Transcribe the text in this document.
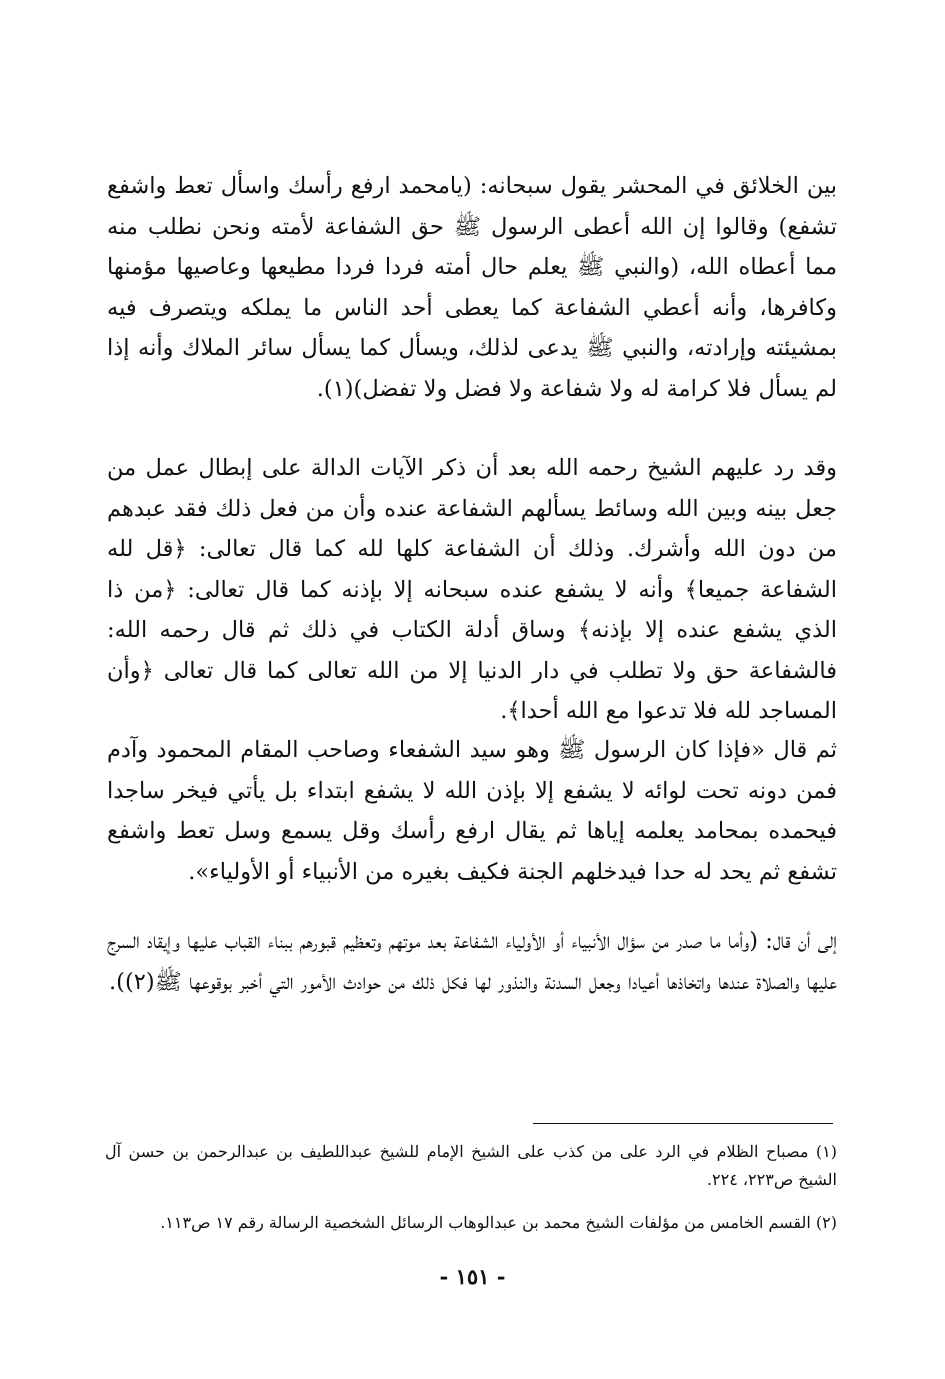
بين الخلائق في المحشر يقول سبحانه: (يامحمد ارفع رأسك واسأل تعط واشفع تشفع) وقالوا إن الله أعطى الرسول ﷺ حق الشفاعة لأمته ونحن نطلب منه مما أعطاه الله، (والنبي ﷺ يعلم حال أمته فردا فردا مطيعها وعاصيها مؤمنها وكافرها، وأنه أعطي الشفاعة كما يعطى أحد الناس ما يملكه ويتصرف فيه بمشيئته وإرادته، والنبي ﷺ يدعى لذلك، ويسأل كما يسأل سائر الملاك وأنه إذا لم يسأل فلا كرامة له ولا شفاعة ولا فضل ولا تفضل)(١).

وقد رد عليهم الشيخ رحمه الله بعد أن ذكر الآيات الدالة على إبطال عمل من جعل بينه وبين الله وسائط يسألهم الشفاعة عنده وأن من فعل ذلك فقد عبدهم من دون الله وأشرك. وذلك أن الشفاعة كلها لله كما قال تعالى: ﴿قل لله الشفاعة جميعا﴾ وأنه لا يشفع عنده سبحانه إلا بإذنه كما قال تعالى: ﴿من ذا الذي يشفع عنده إلا بإذنه﴾ وساق أدلة الكتاب في ذلك ثم قال رحمه الله: فالشفاعة حق ولا تطلب في دار الدنيا إلا من الله تعالى كما قال تعالى ﴿وأن المساجد لله فلا تدعوا مع الله أحدا﴾.

ثم قال «فإذا كان الرسول ﷺ وهو سيد الشفعاء وصاحب المقام المحمود وآدم فمن دونه تحت لوائه لا يشفع إلا بإذن الله لا يشفع ابتداء بل يأتي فيخر ساجدا فيحمده بمحامد يعلمه إياها ثم يقال ارفع رأسك وقل يسمع وسل تعط واشفع تشفع ثم يحد له حدا فيدخلهم الجنة فكيف بغيره من الأنبياء أو الأولياء».

إلى أن قال: (وأما ما صدر من سؤال الأنبياء أو الأولياء الشفاعة بعد موتهم وتعظيم قبورهم ببناء القباب عليها وإيقاد السرج عليها والصلاة عندها واتخاذها أعيادا وجعل السدنة والنذور لها فكل ذلك من حوادث الأمور التي أخبر بوقوعها ﷺ(٢)).

(١) مصباح الظلام في الرد على من كذب على الشيخ الإمام للشيخ عبداللطيف بن عبدالرحمن بن حسن آل الشيخ ص٢٢٣، ٢٢٤.

(٢) القسم الخامس من مؤلفات الشيخ محمد بن عبدالوهاب الرسائل الشخصية الرسالة رقم ١٧ ص١١٣.

- ١٥١ -
